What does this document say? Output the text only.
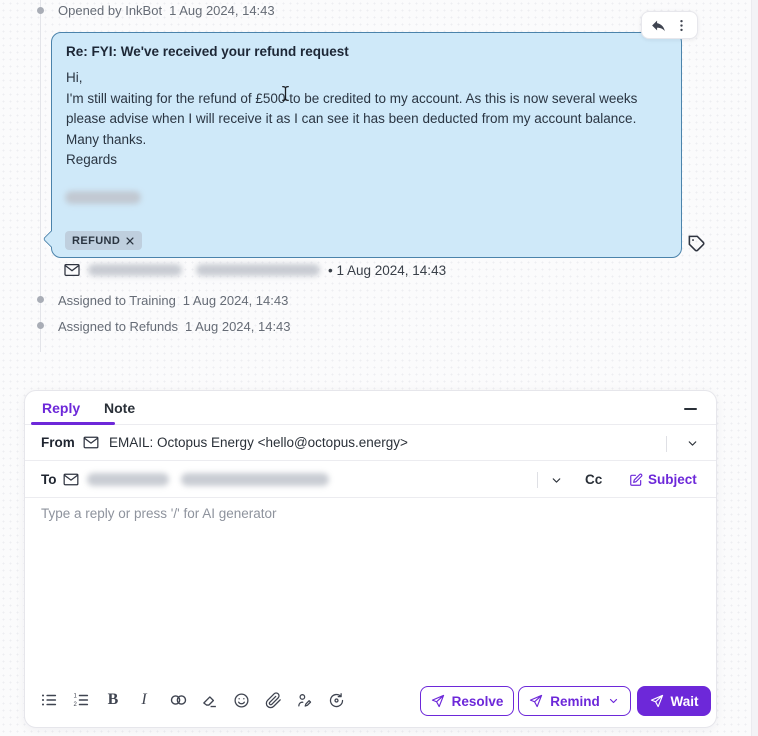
Opened by InkBot 1 Aug 2024, 14:43
Re: FYI: We've received your refund request
Hi,
I'm still waiting for the refund of £500 to be credited to my account. As this is now several weeks please advise when I will receive it as I can see it has been deducted from my account balance.
Many thanks.
Regards
REFUND
• 1 Aug 2024, 14:43
Assigned to Training 1 Aug 2024, 14:43
Assigned to Refunds 1 Aug 2024, 14:43
Reply Note
From	EMAIL: Octopus Energy <hello@octopus.energy>
To	Cc	Subject
Type a reply or press '/' for AI generator
1
2 B I	Resolve	Remind	Wait
